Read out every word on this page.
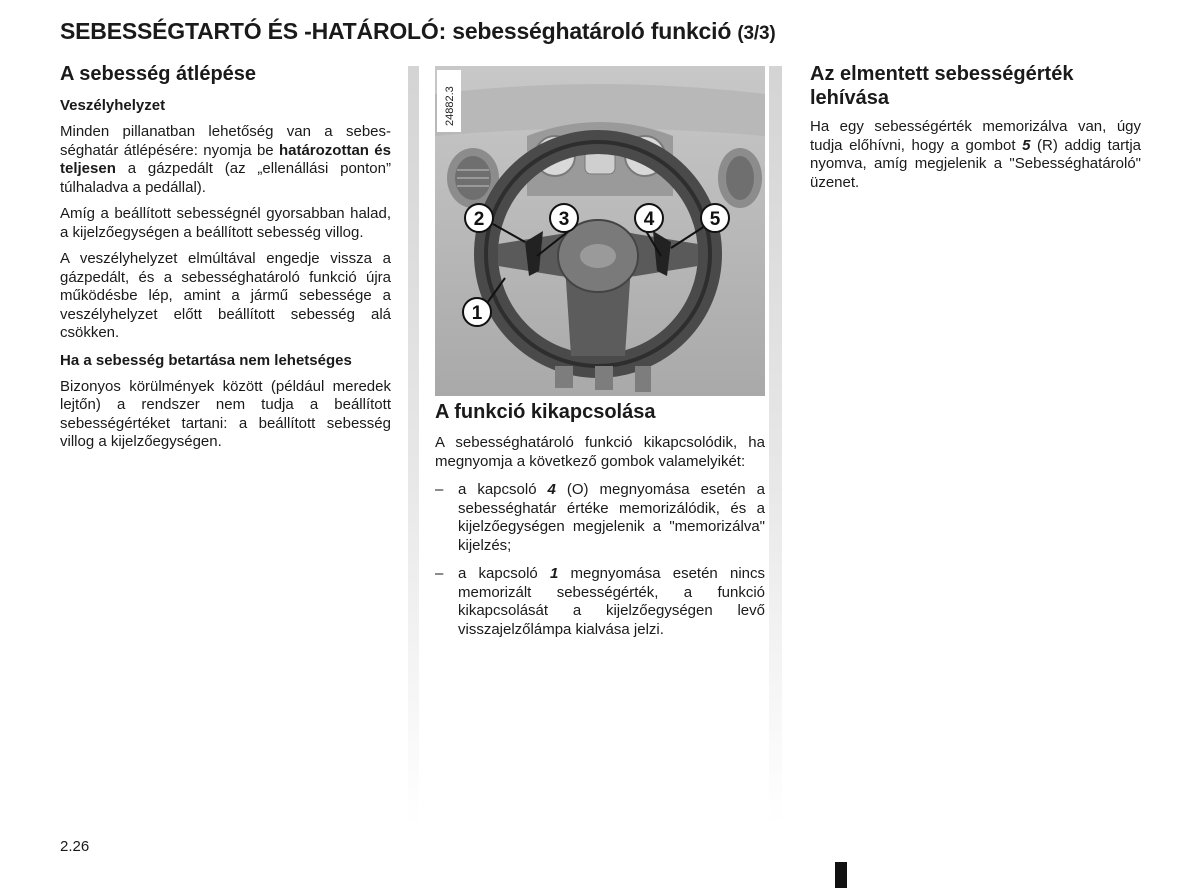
SEBESSÉGTARTÓ ÉS -HATÁROLÓ: sebességhatároló funkció (3/3)
A sebesség átlépése
Veszélyhelyzet

Minden pillanatban lehetőség van a sebességhatár átlépésére: nyomja be határozottan és teljesen a gázpedált (az „ellenállási ponton” túlhaladva a pedállal).

Amíg a beállított sebességnél gyorsabban halad, a kijelzőegységen a beállított sebesség villog.

A veszélyhelyzet elmúltával engedje vissza a gázpedált, és a sebességhatároló funkció újra működésbe lép, amint a jármű sebessége a veszélyhelyzet előtt beállított sebesség alá csökken.

Ha a sebesség betartása nem lehetséges

Bizonyos körülmények között (például meredek lejtőn) a rendszer nem tudja a beállított sebességértéket tartani: a beállított sebesség villog a kijelzőegységen.

1
2	3	4	5
24882.3
A funkció kikapcsolása

A sebességhatároló funkció kikapcsolódik, ha megnyomja a következő gombok valamelyikét:

– a kapcsoló 4 (O) megnyomása esetén a sebességhatár értéke memorizálódik, és a kijelzőegységen megjelenik a "memorizálva" kijelzés;
– a kapcsoló 1 megnyomása esetén nincs memorizált sebességérték, a funkció kikapcsolását a kijelzőegységen levő visszajelzőlámpa kialvása jelzi.
Az elmentett sebességérték lehívása

Ha egy sebességérték memorizálva van, úgy tudja előhívni, hogy a gombot 5 (R) addig tartja nyomva, amíg megjelenik a "Sebességhatároló" üzenet.

2.26
